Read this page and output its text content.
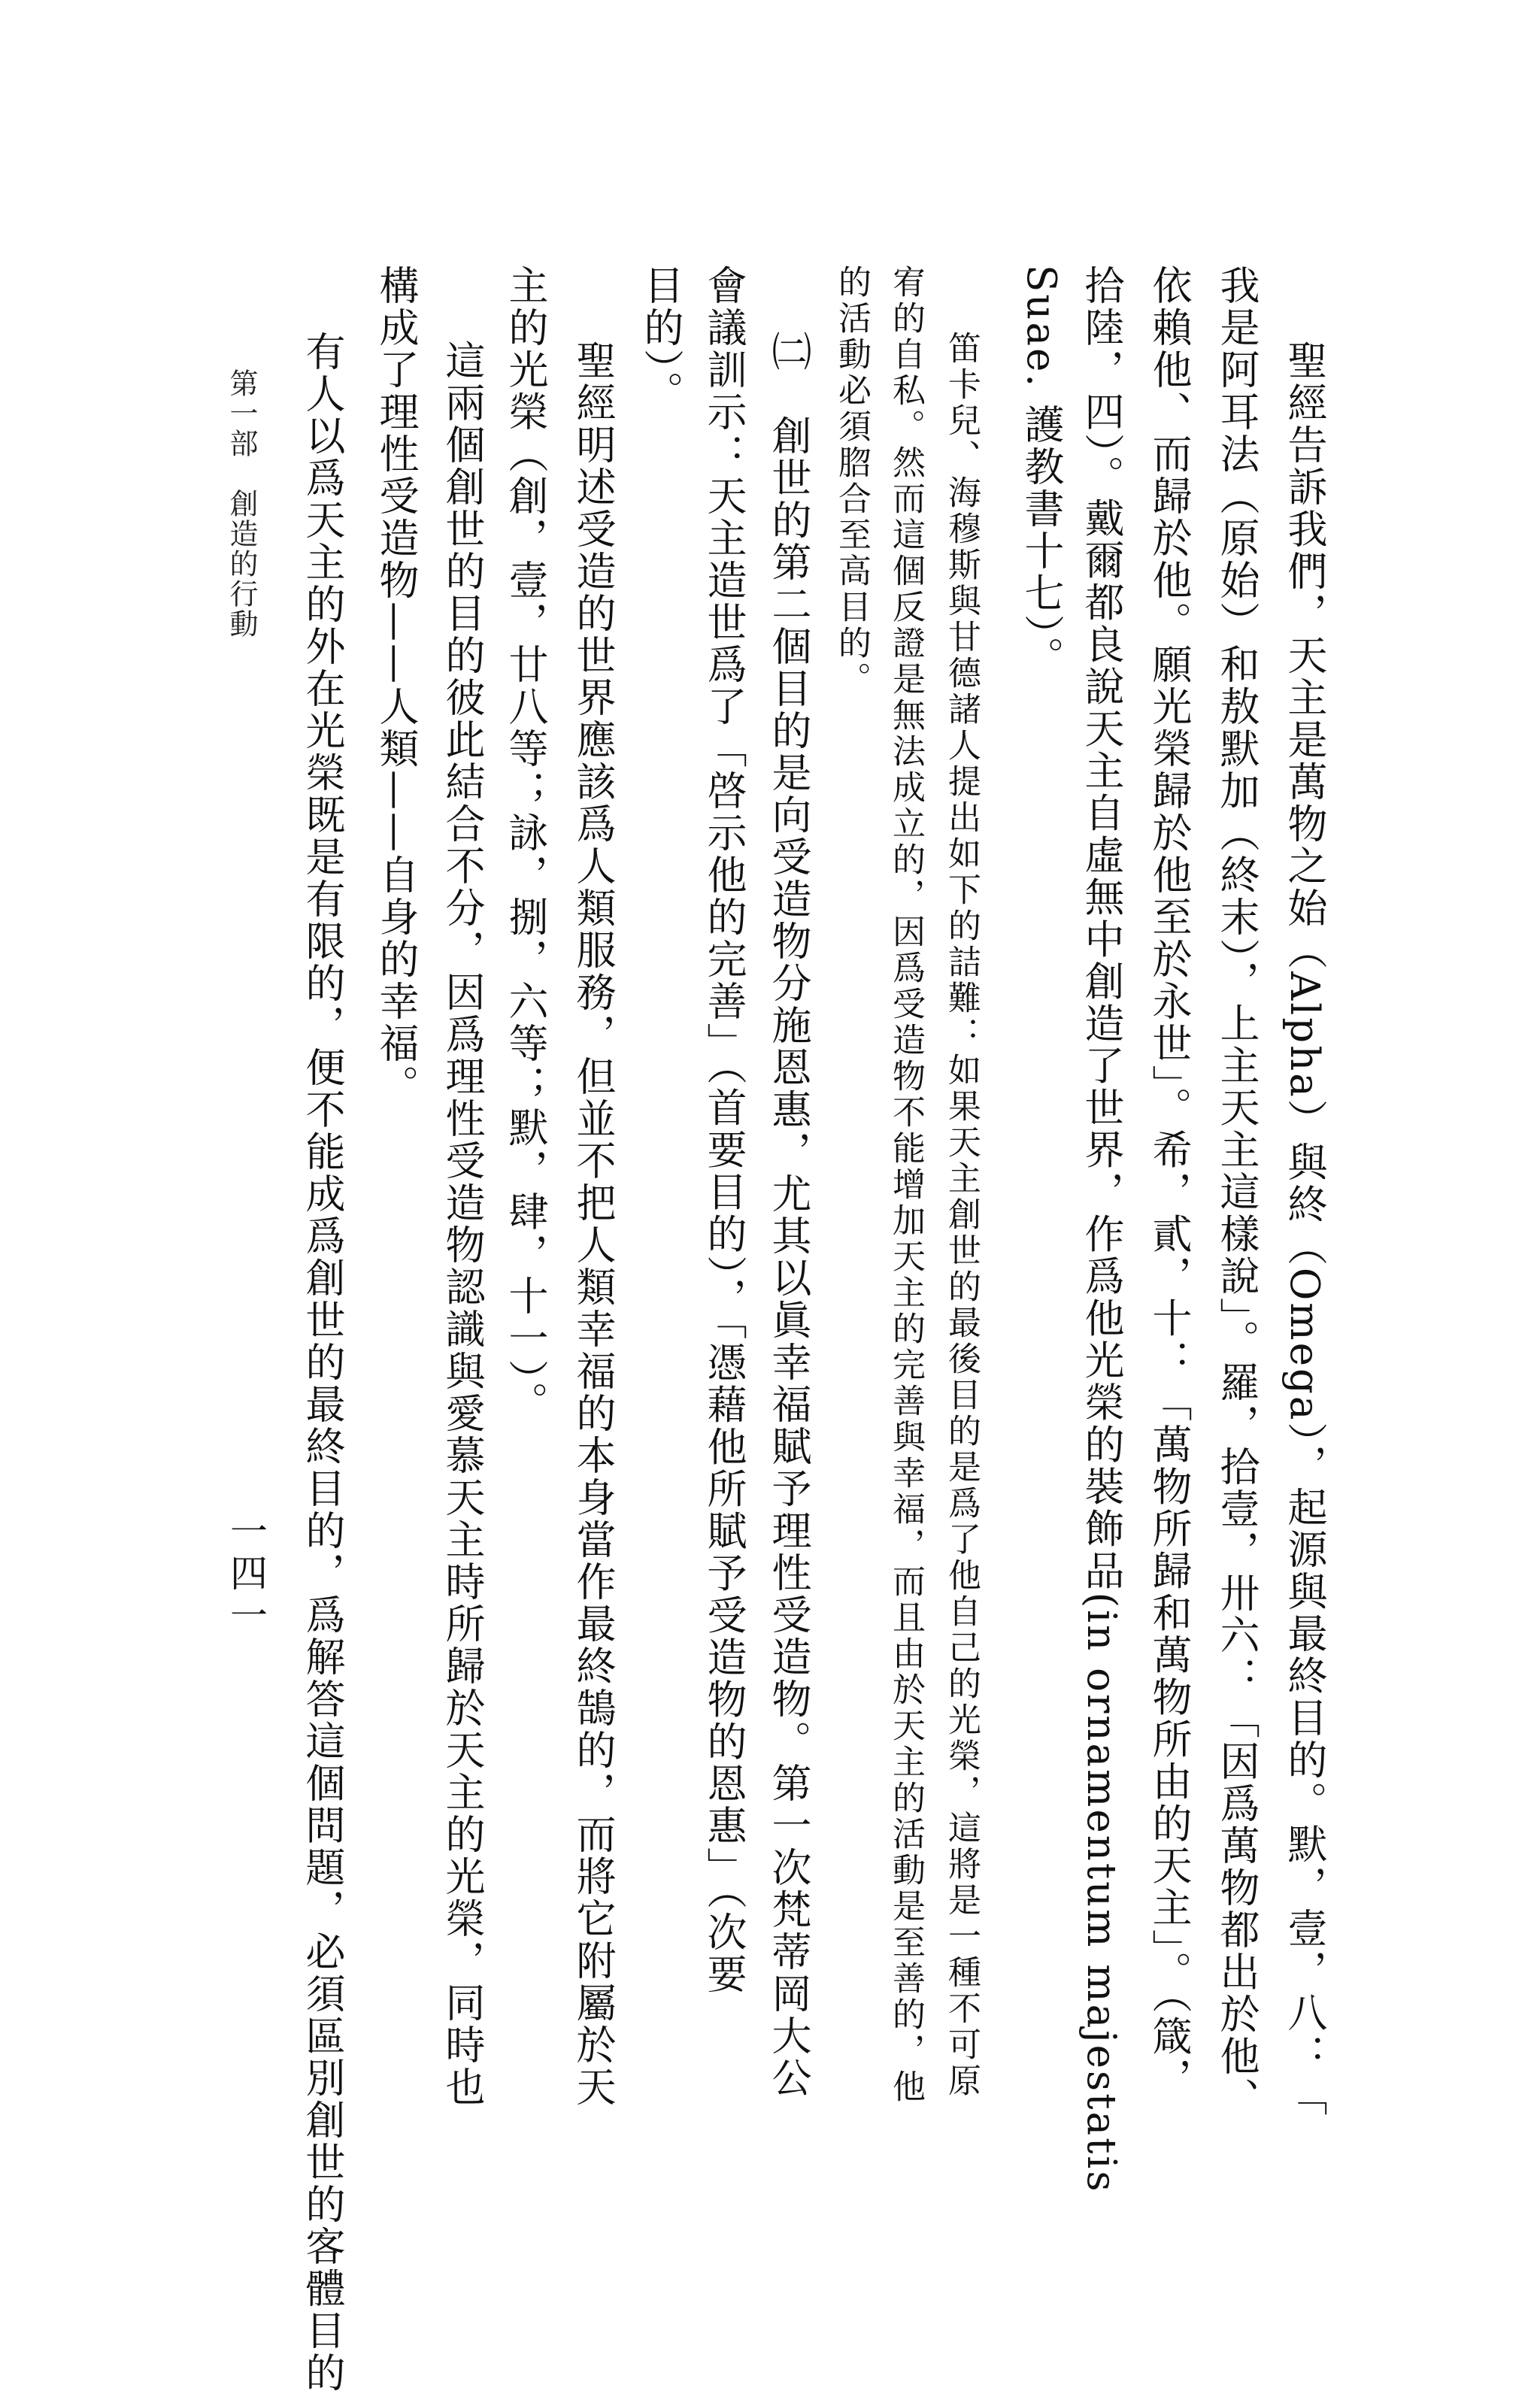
聖經告訴我們，天主是萬物之始（Alpha）與終（Omega），起源與最終目的。默，壹，八：「
我是阿耳法（原始）和敖默加（終末），上主天主這樣說」。羅，拾壹，卅六：「因爲萬物都出於他、
依賴他、而歸於他。願光榮歸於他至於永世」。希，貳，十：「萬物所歸和萬物所由的天主」。（箴，
拾陸，四）。戴爾都良說天主自虛無中創造了世界，作爲他光榮的裝飾品(in ornamentum majestatis
Suae. 護教書十七）。
笛卡兒、海穆斯與甘德諸人提出如下的詰難：如果天主創世的最後目的是爲了他自己的光榮，這將是一種不可原
宥的自私。然而這個反證是無法成立的，因爲受造物不能增加天主的完善與幸福，而且由於天主的活動是至善的，他
的活動必須脗合至高目的。
㈡　創世的第二個目的是向受造物分施恩惠，尤其以眞幸福賦予理性受造物。第一次梵蒂岡大公
會議訓示：天主造世爲了「啓示他的完善」（首要目的），「憑藉他所賦予受造物的恩惠」（次要
目的）。
聖經明述受造的世界應該爲人類服務，但並不把人類幸福的本身當作最終鵠的，而將它附屬於天
主的光榮（創，壹，廿八等；詠，捌，六等；默，肆，十一）。
這兩個創世的目的彼此結合不分，因爲理性受造物認識與愛慕天主時所歸於天主的光榮，同時也
構成了理性受造物——人類——自身的幸福。
有人以爲天主的外在光榮既是有限的，便不能成爲創世的最終目的，爲解答這個問題，必須區別創世的客體目的
第一部　創造的行動
一四一
